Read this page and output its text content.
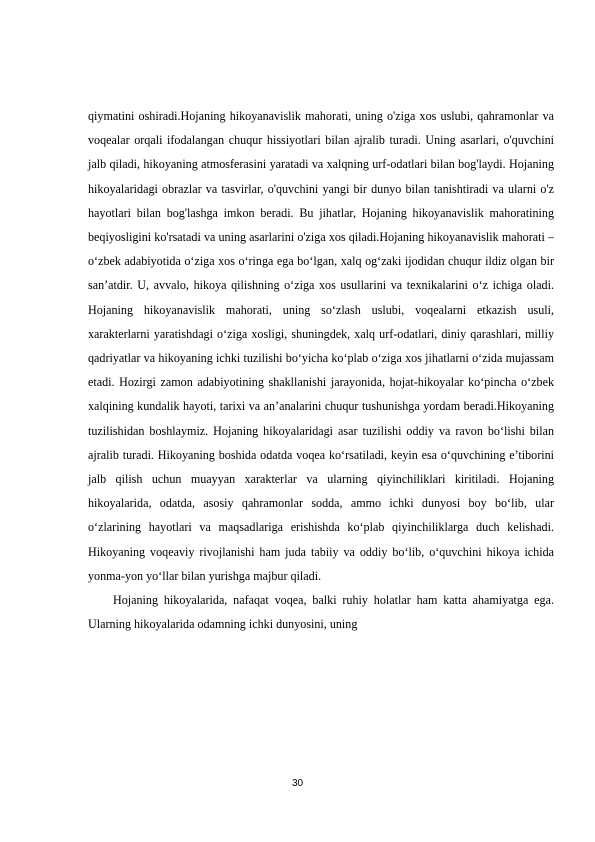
qiymatini oshiradi.Hojaning hikoyanavislik mahorati, uning o'ziga xos uslubi, qahramonlar va voqealar orqali ifodalangan chuqur hissiyotlari bilan ajralib turadi. Uning asarlari, o'quvchini jalb qiladi, hikoyaning atmosferasini yaratadi va xalqning urf-odatlari bilan bog'laydi. Hojaning hikoyalaridagi obrazlar va tasvirlar, o'quvchini yangi bir dunyo bilan tanishtiradi va ularni o'z hayotlari bilan bog'lashga imkon beradi. Bu jihatlar, Hojaning hikoyanavislik mahoratining beqiyosligini ko'rsatadi va uning asarlarini o'ziga xos qiladi.Hojaning hikoyanavislik mahorati – o‘zbek adabiyotida o‘ziga xos o‘ringa ega bo‘lgan, xalq og‘zaki ijodidan chuqur ildiz olgan bir san’atdir. U, avvalo, hikoya qilishning o‘ziga xos usullarini va texnikalarini o‘z ichiga oladi. Hojaning hikoyanavislik mahorati, uning so‘zlash uslubi, voqealarni etkazish usuli, xarakterlarni yaratishdagi o‘ziga xosligi, shuningdek, xalq urf-odatlari, diniy qarashlari, milliy qadriyatlar va hikoyaning ichki tuzilishi bo‘yicha ko‘plab o‘ziga xos jihatlarni o‘zida mujassam etadi. Hozirgi zamon adabiyotining shakllanishi jarayonida, hojat-hikoyalar ko‘pincha o‘zbek xalqining kundalik hayoti, tarixi va an’analarini chuqur tushunishga yordam beradi.Hikoyaning tuzilishidan boshlaymiz. Hojaning hikoyalaridagi asar tuzilishi oddiy va ravon bo‘lishi bilan ajralib turadi. Hikoyaning boshida odatda voqea ko‘rsatiladi, keyin esa o‘quvchining e’tiborini jalb qilish uchun muayyan xarakterlar va ularning qiyinchiliklari kiritiladi. Hojaning hikoyalarida, odatda, asosiy qahramonlar sodda, ammo ichki dunyosi boy bo‘lib, ular o‘zlarining hayotlari va maqsadlariga erishishda ko‘plab qiyinchiliklarga duch kelishadi. Hikoyaning voqeaviy rivojlanishi ham juda tabiiy va oddiy bo‘lib, o‘quvchini hikoya ichida yonma-yon yo‘llar bilan yurishga majbur qiladi.

Hojaning hikoyalarida, nafaqat voqea, balki ruhiy holatlar ham katta ahamiyatga ega. Ularning hikoyalarida odamning ichki dunyosini, uning

30
